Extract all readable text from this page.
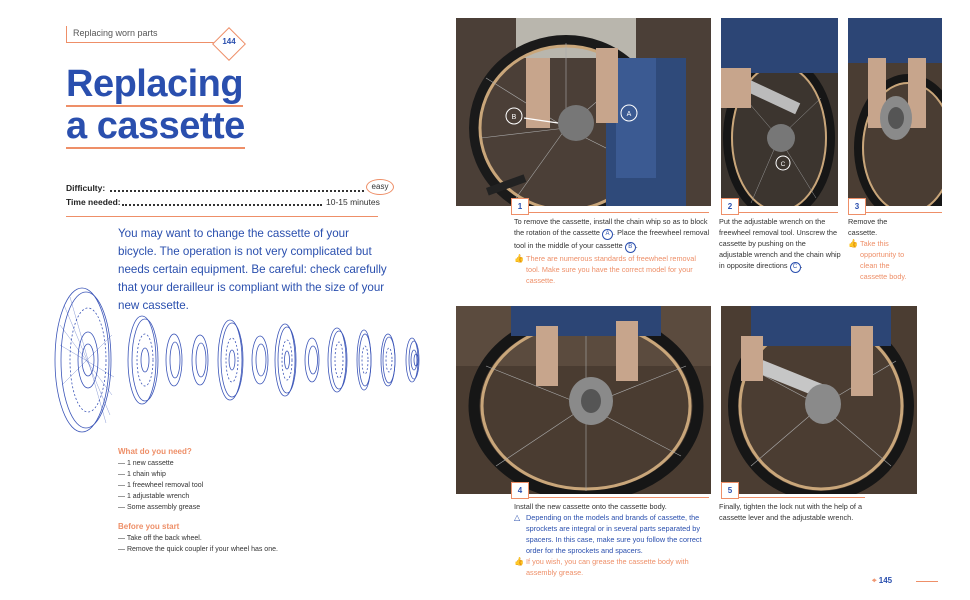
Replacing worn parts
144
Replacing
a cassette
Difficulty:	easy
Time needed:	10-15 minutes
You may want to change the cassette of your bicycle. The operation is not very complicated but needs certain equipment. Be careful: check carefully that your derailleur is compliant with the size of your new cassette.
What do you need?
— 1 new cassette
— 1 chain whip
— 1 freewheel removal tool
— 1 adjustable wrench
— Some assembly grease
Before you start
— Take off the back wheel.
— Remove the quick coupler if your wheel has one.
A
B
1
To remove the cassette, install the chain whip so as to block the rotation of the cassette A . Place the freewheel removal tool in the middle of your cassette B .
👍 There are numerous standards of freewheel removal tool. Make sure you have the correct model for your cassette.
C
2
Put the adjustable wrench on the freewheel removal tool. Unscrew the cassette by pushing on the adjustable wrench and the chain whip in opposite directions C .
3
Remove the cassette.
👍 Take this opportunity to clean the cassette body.
4
Install the new cassette onto the cassette body.
△ Depending on the models and brands of cassette, the sprockets are integral or in several parts separated by spacers. In this case, make sure you follow the correct order for the sprockets and spacers.
👍 If you wish, you can grease the cassette body with assembly grease.
5
Finally, tighten the lock nut with the help of a cassette lever and the adjustable wrench.
⌖ 145
